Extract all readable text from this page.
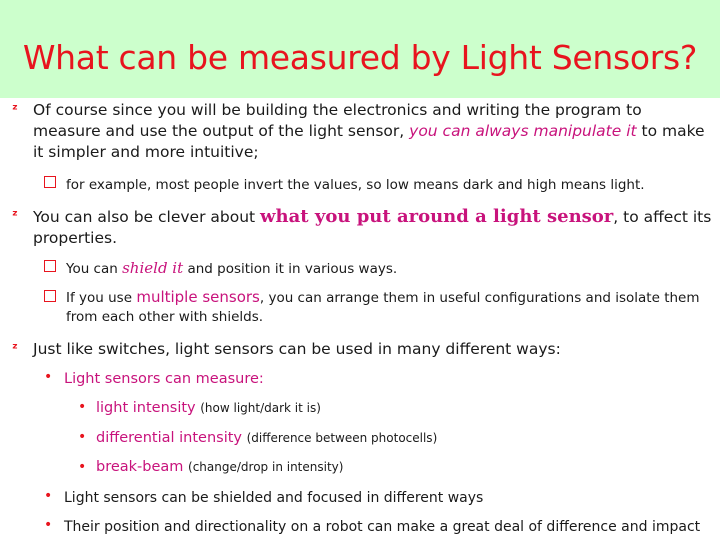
What can be measured by Light Sensors?
ᶻ Of course since you will be building the electronics and writing the program to measure and use the output of the light sensor, you can always manipulate it to make it simpler and more intuitive;

for example, most people invert the values, so low means dark and high means light.

ᶻ You can also be clever about what you put around a light sensor, to affect its properties.

You can shield it and position it in various ways.

If you use multiple sensors, you can arrange them in useful configurations and isolate them from each other with shields.

ᶻ Just like switches, light sensors can be used in many different ways:

• Light sensors can measure:

• light intensity (how light/dark it is)

• differential intensity (difference between photocells)

• break-beam (change/drop in intensity)

• Light sensors can be shielded and focused in different ways

• Their position and directionality on a robot can make a great deal of difference and impact
